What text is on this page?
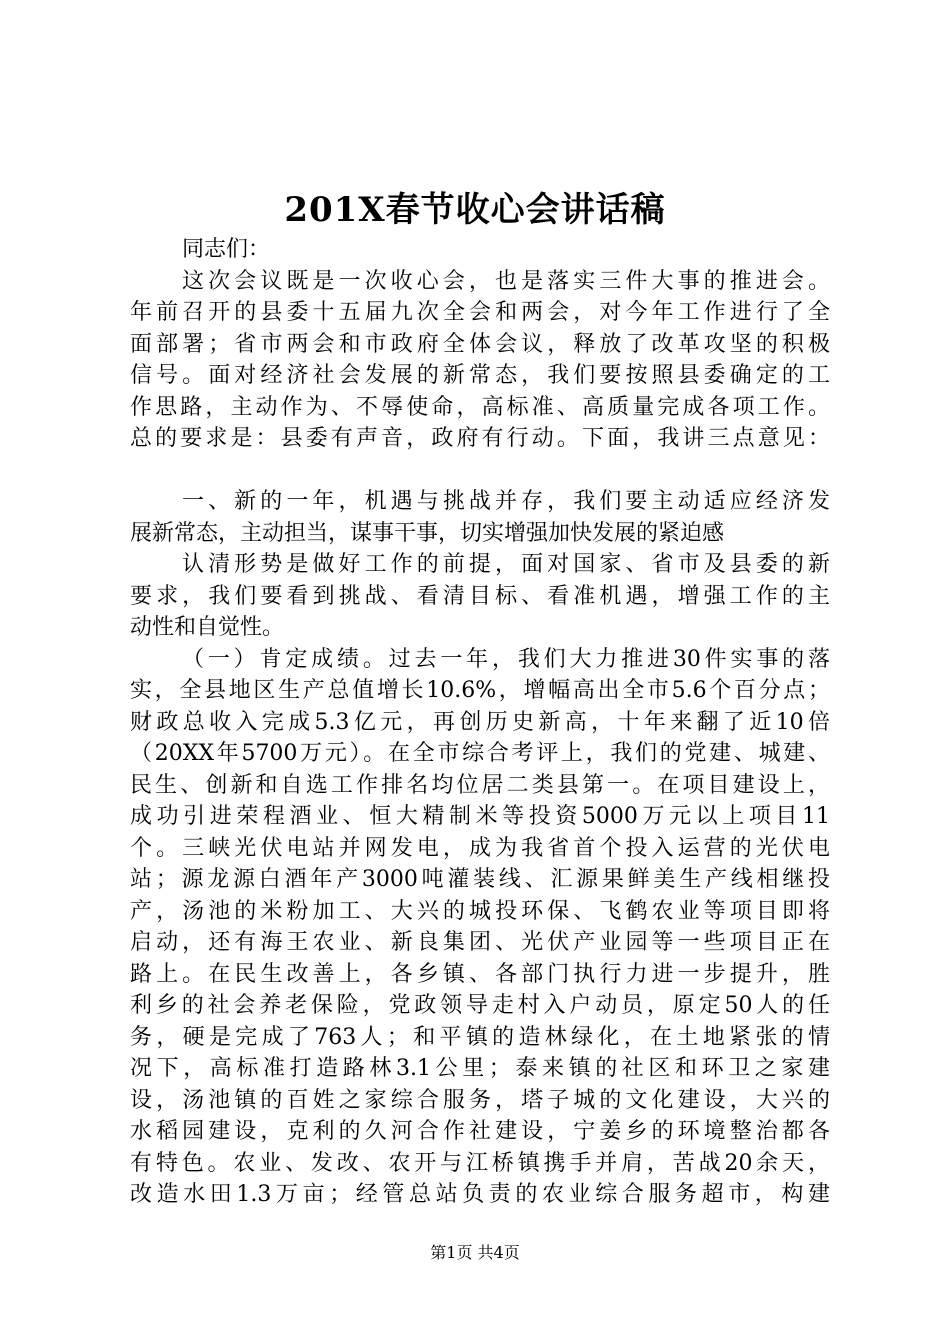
201X春节收心会讲话稿
同志们：
这次会议既是一次收心会，也是落实三件大事的推进会。
年前召开的县委十五届九次全会和两会，对今年工作进行了全
面部署；省市两会和市政府全体会议，释放了改革攻坚的积极
信号。面对经济社会发展的新常态，我们要按照县委确定的工
作思路，主动作为、不辱使命，高标准、高质量完成各项工作。
总的要求是：县委有声音，政府有行动。下面，我讲三点意见：
一、新的一年，机遇与挑战并存，我们要主动适应经济发
展新常态，主动担当，谋事干事，切实增强加快发展的紧迫感
认清形势是做好工作的前提，面对国家、省市及县委的新
要求，我们要看到挑战、看清目标、看准机遇，增强工作的主
动性和自觉性。
（一）肯定成绩。过去一年，我们大力推进30件实事的落
实，全县地区生产总值增长10.6%，增幅高出全市5.6个百分点；
财政总收入完成5.3亿元，再创历史新高，十年来翻了近10倍
（20XX年5700万元）。在全市综合考评上，我们的党建、城建、
民生、创新和自选工作排名均位居二类县第一。在项目建设上，
成功引进荣程酒业、恒大精制米等投资5000万元以上项目11
个。三峡光伏电站并网发电，成为我省首个投入运营的光伏电
站；源龙源白酒年产3000吨灌装线、汇源果鲜美生产线相继投
产，汤池的米粉加工、大兴的城投环保、飞鹤农业等项目即将
启动，还有海王农业、新良集团、光伏产业园等一些项目正在
路上。在民生改善上，各乡镇、各部门执行力进一步提升，胜
利乡的社会养老保险，党政领导走村入户动员，原定50人的任
务，硬是完成了763人；和平镇的造林绿化，在土地紧张的情
况下，高标准打造路林3.1公里；泰来镇的社区和环卫之家建
设，汤池镇的百姓之家综合服务，塔子城的文化建设，大兴的
水稻园建设，克利的久河合作社建设，宁姜乡的环境整治都各
有特色。农业、发改、农开与江桥镇携手并肩，苦战20余天，
改造水田1.3万亩；经管总站负责的农业综合服务超市，构建
第1页 共4页
